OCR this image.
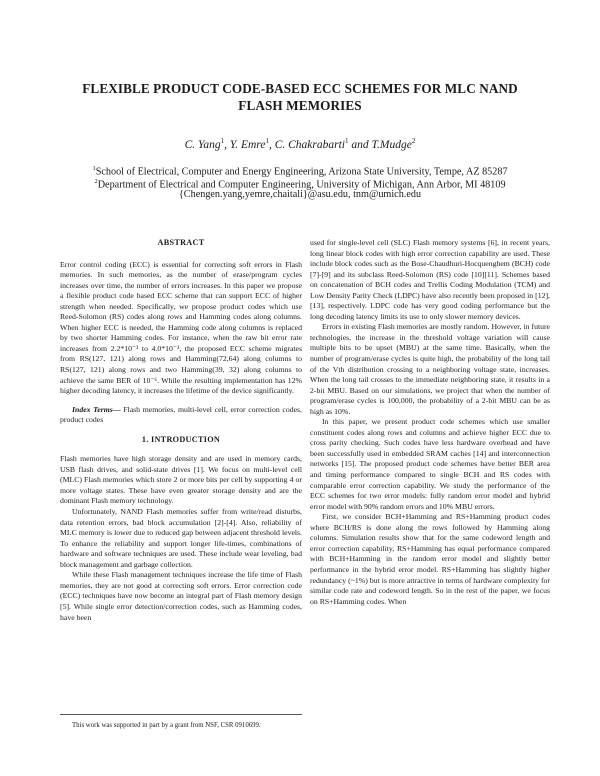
FLEXIBLE PRODUCT CODE-BASED ECC SCHEMES FOR MLC NAND FLASH MEMORIES
C. Yang$^1$, Y. Emre$^1$, C. Chakrabarti$^1$ and T.Mudge$^2$
$^1$School of Electrical, Computer and Energy Engineering, Arizona State University, Tempe, AZ 85287
$^2$Department of Electrical and Computer Engineering, University of Michigan, Ann Arbor, MI 48109
{Chengen.yang,yemre,chaitali}@asu.edu, tnm@umich.edu

ABSTRACT

Error control coding (ECC) is essential for correcting soft errors in Flash memories. In such memories, as the number of erase/program cycles increases over time, the number of errors increases. In this paper we propose a flexible product code based ECC scheme that can support ECC of higher strength when needed. Specifically, we propose product codes which use Reed-Solomon (RS) codes along rows and Hamming codes along columns. When higher ECC is needed, the Hamming code along columns is replaced by two shorter Hamming codes. For instance, when the raw bit error rate increases from 2.2*10⁻³ to 4.0*10⁻³, the proposed ECC scheme migrates from RS(127, 121) along rows and Hamming(72,64) along columns to RS(127, 121) along rows and two Hamming(39, 32) along columns to achieve the same BER of 10⁻⁶. While the resulting implementation has 12% higher decoding latency, it increases the lifetime of the device significantly.

Index Terms— Flash memories, multi-level cell, error correction codes, product codes

1. INTRODUCTION

Flash memories have high storage density and are used in memory cards, USB flash drives, and solid-state drives [1]. We focus on multi-level cell (MLC) Flash memories which store 2 or more bits per cell by supporting 4 or more voltage states. These have even greater storage density and are the dominant Flash memory technology.

Unfortunately, NAND Flash memories suffer from write/read disturbs, data retention errors, bad block accumulation [2]-[4]. Also, reliability of MLC memory is lower due to reduced gap between adjacent threshold levels. To enhance the reliability and support longer life-times, combinations of hardware and software techniques are used. These include wear leveling, bad block management and garbage collection.

While these Flash management techniques increase the life time of Flash memories, they are not good at correcting soft errors. Error correction code (ECC) techniques have now become an integral part of Flash memory design [5]. While single error detection/correction codes, such as Hamming codes, have been

used for single-level cell (SLC) Flash memory systems [6], in recent years, long linear block codes with high error correction capability are used. These include block codes such as the Bose-Chaudhuri-Hocquenghem (BCH) code [7]-[9] and its subclass Reed-Solomon (RS) code [10][11]. Schemes based on concatenation of BCH codes and Trellis Coding Modulation (TCM) and Low Density Parity Check (LDPC) have also recently been proposed in [12], [13], respectively. LDPC code has very good coding performance but the long decoding latency limits its use to only slower memory devices.

Errors in existing Flash memories are mostly random. However, in future technologies, the increase in the threshold voltage variation will cause multiple bits to be upset (MBU) at the same time. Basically, when the number of program/erase cycles is quite high, the probability of the long tail of the Vth distribution crossing to a neighboring voltage state, increases. When the long tail crosses to the immediate neighboring state, it results in a 2-bit MBU. Based on our simulations, we project that when the number of program/erase cycles is 100,000, the probability of a 2-bit MBU can be as high as 10%.

In this paper, we present product code schemes which use smaller constituent codes along rows and columns and achieve higher ECC due to cross parity checking. Such codes have less hardware overhead and have been successfully used in embedded SRAM caches [14] and interconnection networks [15]. The proposed product code schemes have better BER area and timing performance compared to single BCH and RS codes with comparable error correction capability. We study the performance of the ECC schemes for two error models: fully random error model and hybrid error model with 90% random errors and 10% MBU errors.

First, we consider BCH+Hamming and RS+Hamming product codes where BCH/RS is done along the rows followed by Hamming along columns. Simulation results show that for the same codeword length and error correction capability, RS+Hamming has equal performance compared with BCH+Hamming in the random error model and slightly better performance in the hybrid error model. RS+Hamming has slightly higher redundancy (~1%) but is more attractive in terms of hardware complexity for similar code rate and codeword length. So in the rest of the paper, we focus on RS+Hamming codes. When

This work was supported in part by a grant from NSF, CSR 0910699.
